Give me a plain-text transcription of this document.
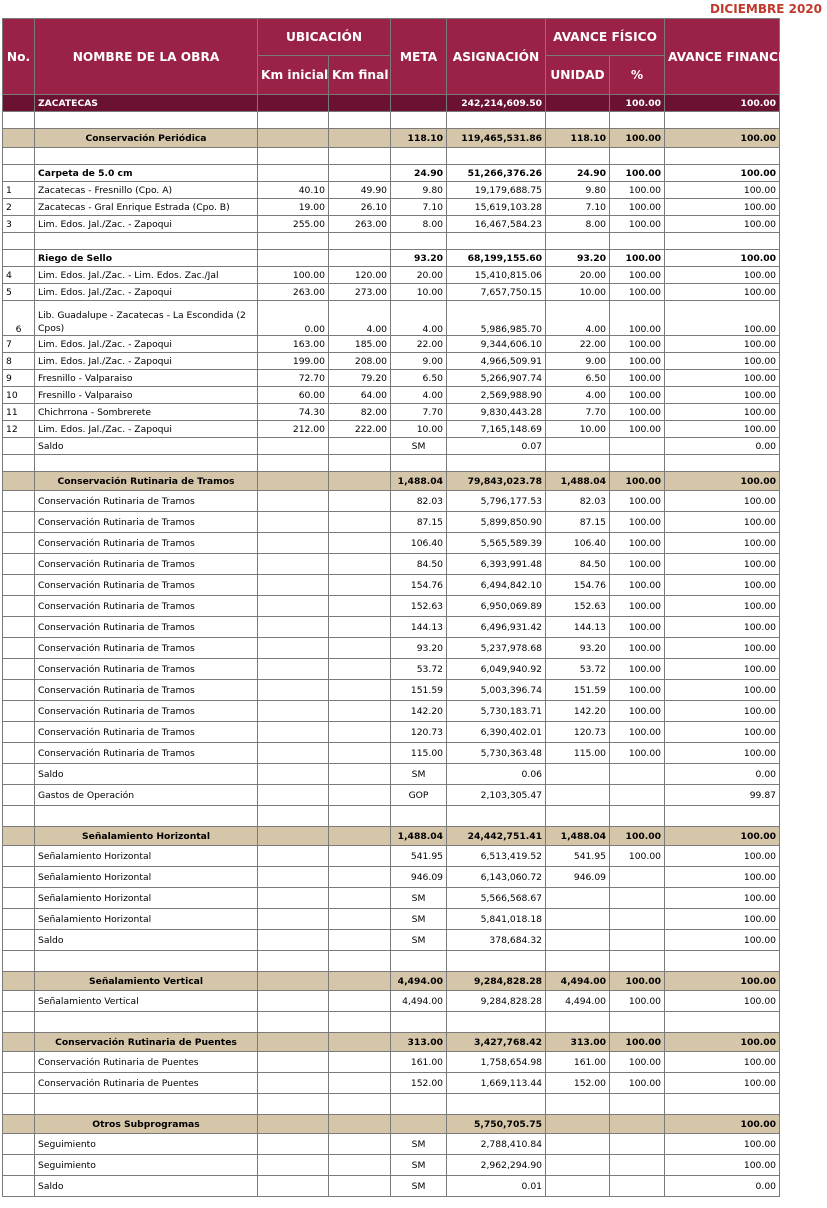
DICIEMBRE 2020
No.	NOMBRE DE LA OBRA	UBICACIÓN		META	ASIGNACIÓN	AVANCE FÍSICO		AVANCE FINANCIERO %
		Km inicial	Km final			UNIDAD	%	
	ZACATECAS				242,214,609.50		100.00	100.00

	Conservación Periódica			118.10	119,465,531.86	118.10	100.00	100.00

	Carpeta de 5.0 cm			24.90	51,266,376.26	24.90	100.00	100.00
1	Zacatecas - Fresnillo (Cpo. A)	40.10	49.90	9.80	19,179,688.75	9.80	100.00	100.00
2	Zacatecas - Gral Enrique Estrada (Cpo. B)	19.00	26.10	7.10	15,619,103.28	7.10	100.00	100.00
3	Lim. Edos. Jal./Zac. - Zapoqui	255.00	263.00	8.00	16,467,584.23	8.00	100.00	100.00

	Riego de Sello			93.20	68,199,155.60	93.20	100.00	100.00
4	Lim. Edos. Jal./Zac. - Lim. Edos. Zac./Jal	100.00	120.00	20.00	15,410,815.06	20.00	100.00	100.00
5	Lim. Edos. Jal./Zac. - Zapoqui	263.00	273.00	10.00	7,657,750.15	10.00	100.00	100.00
6	Lib. Guadalupe - Zacatecas - La Escondida (2 Cpos)	0.00	4.00	4.00	5,986,985.70	4.00	100.00	100.00
7	Lim. Edos. Jal./Zac. - Zapoqui	163.00	185.00	22.00	9,344,606.10	22.00	100.00	100.00
8	Lim. Edos. Jal./Zac. - Zapoqui	199.00	208.00	9.00	4,966,509.91	9.00	100.00	100.00
9	Fresnillo - Valparaiso	72.70	79.20	6.50	5,266,907.74	6.50	100.00	100.00
10	Fresnillo - Valparaiso	60.00	64.00	4.00	2,569,988.90	4.00	100.00	100.00
11	Chichrrona - Sombrerete	74.30	82.00	7.70	9,830,443.28	7.70	100.00	100.00
12	Lim. Edos. Jal./Zac. - Zapoqui	212.00	222.00	10.00	7,165,148.69	10.00	100.00	100.00
	Saldo			SM	0.07			0.00

	Conservación Rutinaria de Tramos			1,488.04	79,843,023.78	1,488.04	100.00	100.00
	Conservación Rutinaria de Tramos			82.03	5,796,177.53	82.03	100.00	100.00
	Conservación Rutinaria de Tramos			87.15	5,899,850.90	87.15	100.00	100.00
	Conservación Rutinaria de Tramos			106.40	5,565,589.39	106.40	100.00	100.00
	Conservación Rutinaria de Tramos			84.50	6,393,991.48	84.50	100.00	100.00
	Conservación Rutinaria de Tramos			154.76	6,494,842.10	154.76	100.00	100.00
	Conservación Rutinaria de Tramos			152.63	6,950,069.89	152.63	100.00	100.00
	Conservación Rutinaria de Tramos			144.13	6,496,931.42	144.13	100.00	100.00
	Conservación Rutinaria de Tramos			93.20	5,237,978.68	93.20	100.00	100.00
	Conservación Rutinaria de Tramos			53.72	6,049,940.92	53.72	100.00	100.00
	Conservación Rutinaria de Tramos			151.59	5,003,396.74	151.59	100.00	100.00
	Conservación Rutinaria de Tramos			142.20	5,730,183.71	142.20	100.00	100.00
	Conservación Rutinaria de Tramos			120.73	6,390,402.01	120.73	100.00	100.00
	Conservación Rutinaria de Tramos			115.00	5,730,363.48	115.00	100.00	100.00
	Saldo			SM	0.06			0.00
	Gastos de Operación			GOP	2,103,305.47			99.87

	Señalamiento Horizontal			1,488.04	24,442,751.41	1,488.04	100.00	100.00
	Señalamiento Horizontal			541.95	6,513,419.52	541.95	100.00	100.00
	Señalamiento Horizontal			946.09	6,143,060.72	946.09		100.00
	Señalamiento Horizontal			SM	5,566,568.67			100.00
	Señalamiento Horizontal			SM	5,841,018.18			100.00
	Saldo			SM	378,684.32			100.00

	Señalamiento Vertical			4,494.00	9,284,828.28	4,494.00	100.00	100.00
	Señalamiento Vertical			4,494.00	9,284,828.28	4,494.00	100.00	100.00

	Conservación Rutinaria de Puentes			313.00	3,427,768.42	313.00	100.00	100.00
	Conservación Rutinaria de Puentes			161.00	1,758,654.98	161.00	100.00	100.00
	Conservación Rutinaria de Puentes			152.00	1,669,113.44	152.00	100.00	100.00

	Otros Subprogramas				5,750,705.75			100.00
	Seguimiento			SM	2,788,410.84			100.00
	Seguimiento			SM	2,962,294.90			100.00
	Saldo			SM	0.01			0.00
